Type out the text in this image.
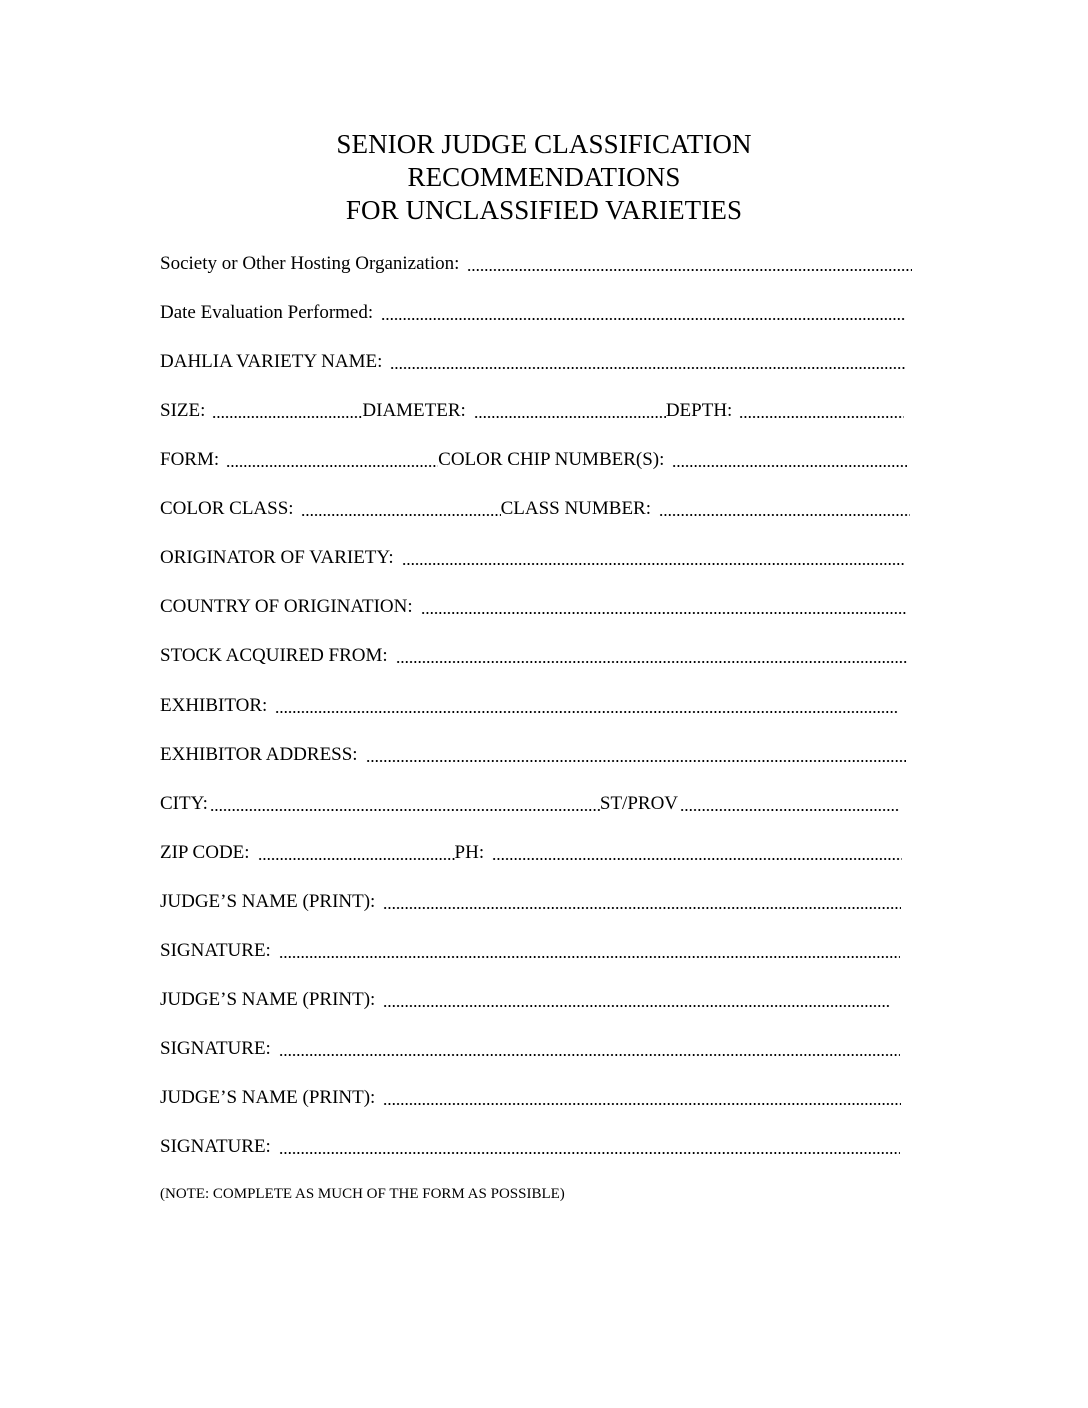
SENIOR JUDGE CLASSIFICATION
RECOMMENDATIONS
FOR UNCLASSIFIED VARIETIES
Society or Other Hosting Organization:
Date Evaluation Performed:
DAHLIA VARIETY NAME:
SIZE:	DIAMETER:	DEPTH:
FORM:	COLOR CHIP NUMBER(S):
COLOR CLASS:	CLASS NUMBER:
ORIGINATOR OF VARIETY:
COUNTRY OF ORIGINATION:
STOCK ACQUIRED FROM:
EXHIBITOR:
EXHIBITOR ADDRESS:
CITY:	ST/PROV
ZIP CODE:	PH:
JUDGE’S NAME (PRINT):
SIGNATURE:
JUDGE’S NAME (PRINT):
SIGNATURE:
JUDGE’S NAME (PRINT):
SIGNATURE:
(NOTE: COMPLETE AS MUCH OF THE FORM AS POSSIBLE)
